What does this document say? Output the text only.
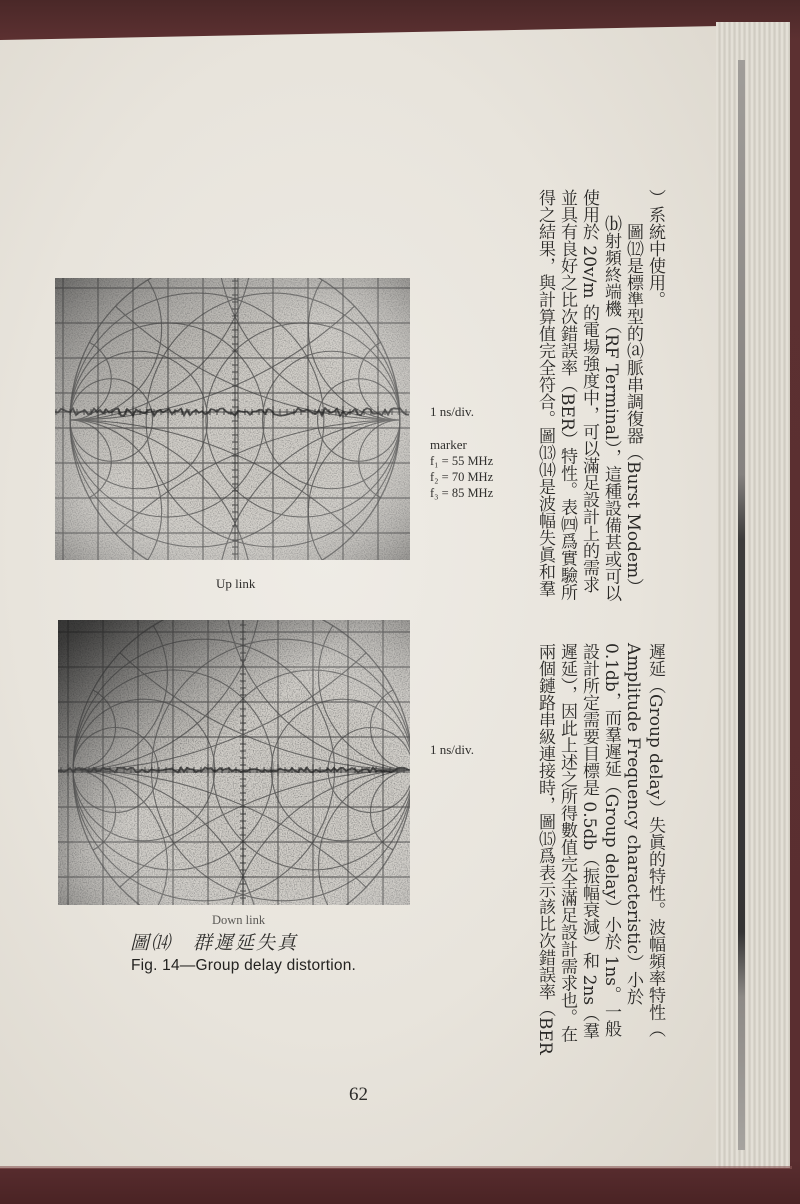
）系統中使用。
圖⑿是標準型的⒜脈串調復器（Burst Modem）
⒝射頻終端機（RF Terminal），這種設備甚或可以
使用於 20v/m 的電場強度中，可以滿足設計上的需求
並具有良好之比次錯誤率（BER）特性。表㈣爲實驗所
得之結果，與計算值完全符合。圖⒀⒁是波幅失眞和羣
遲延（Group delay）失眞的特性。波幅頻率特性（
Amplitude Frequency characteristic）小於
0.1db，而羣遲延（Group delay）小於 1ns。一般
設計所定需要目標是 0.5db（振幅衰減）和 2ns（羣
遲延），因此上述之所得數值完全滿足設計需求也。在
兩個鏈路串級連接時，圖⒂爲表示該比次錯誤率（BER
1 ns/div.
marker
f₁ = 55 MHz
f₂ = 70 MHz
f₃ = 85 MHz
Up link
1 ns/div.
Down link
圖⒁　群遲延失真
Fig. 14—Group delay distortion.
62
